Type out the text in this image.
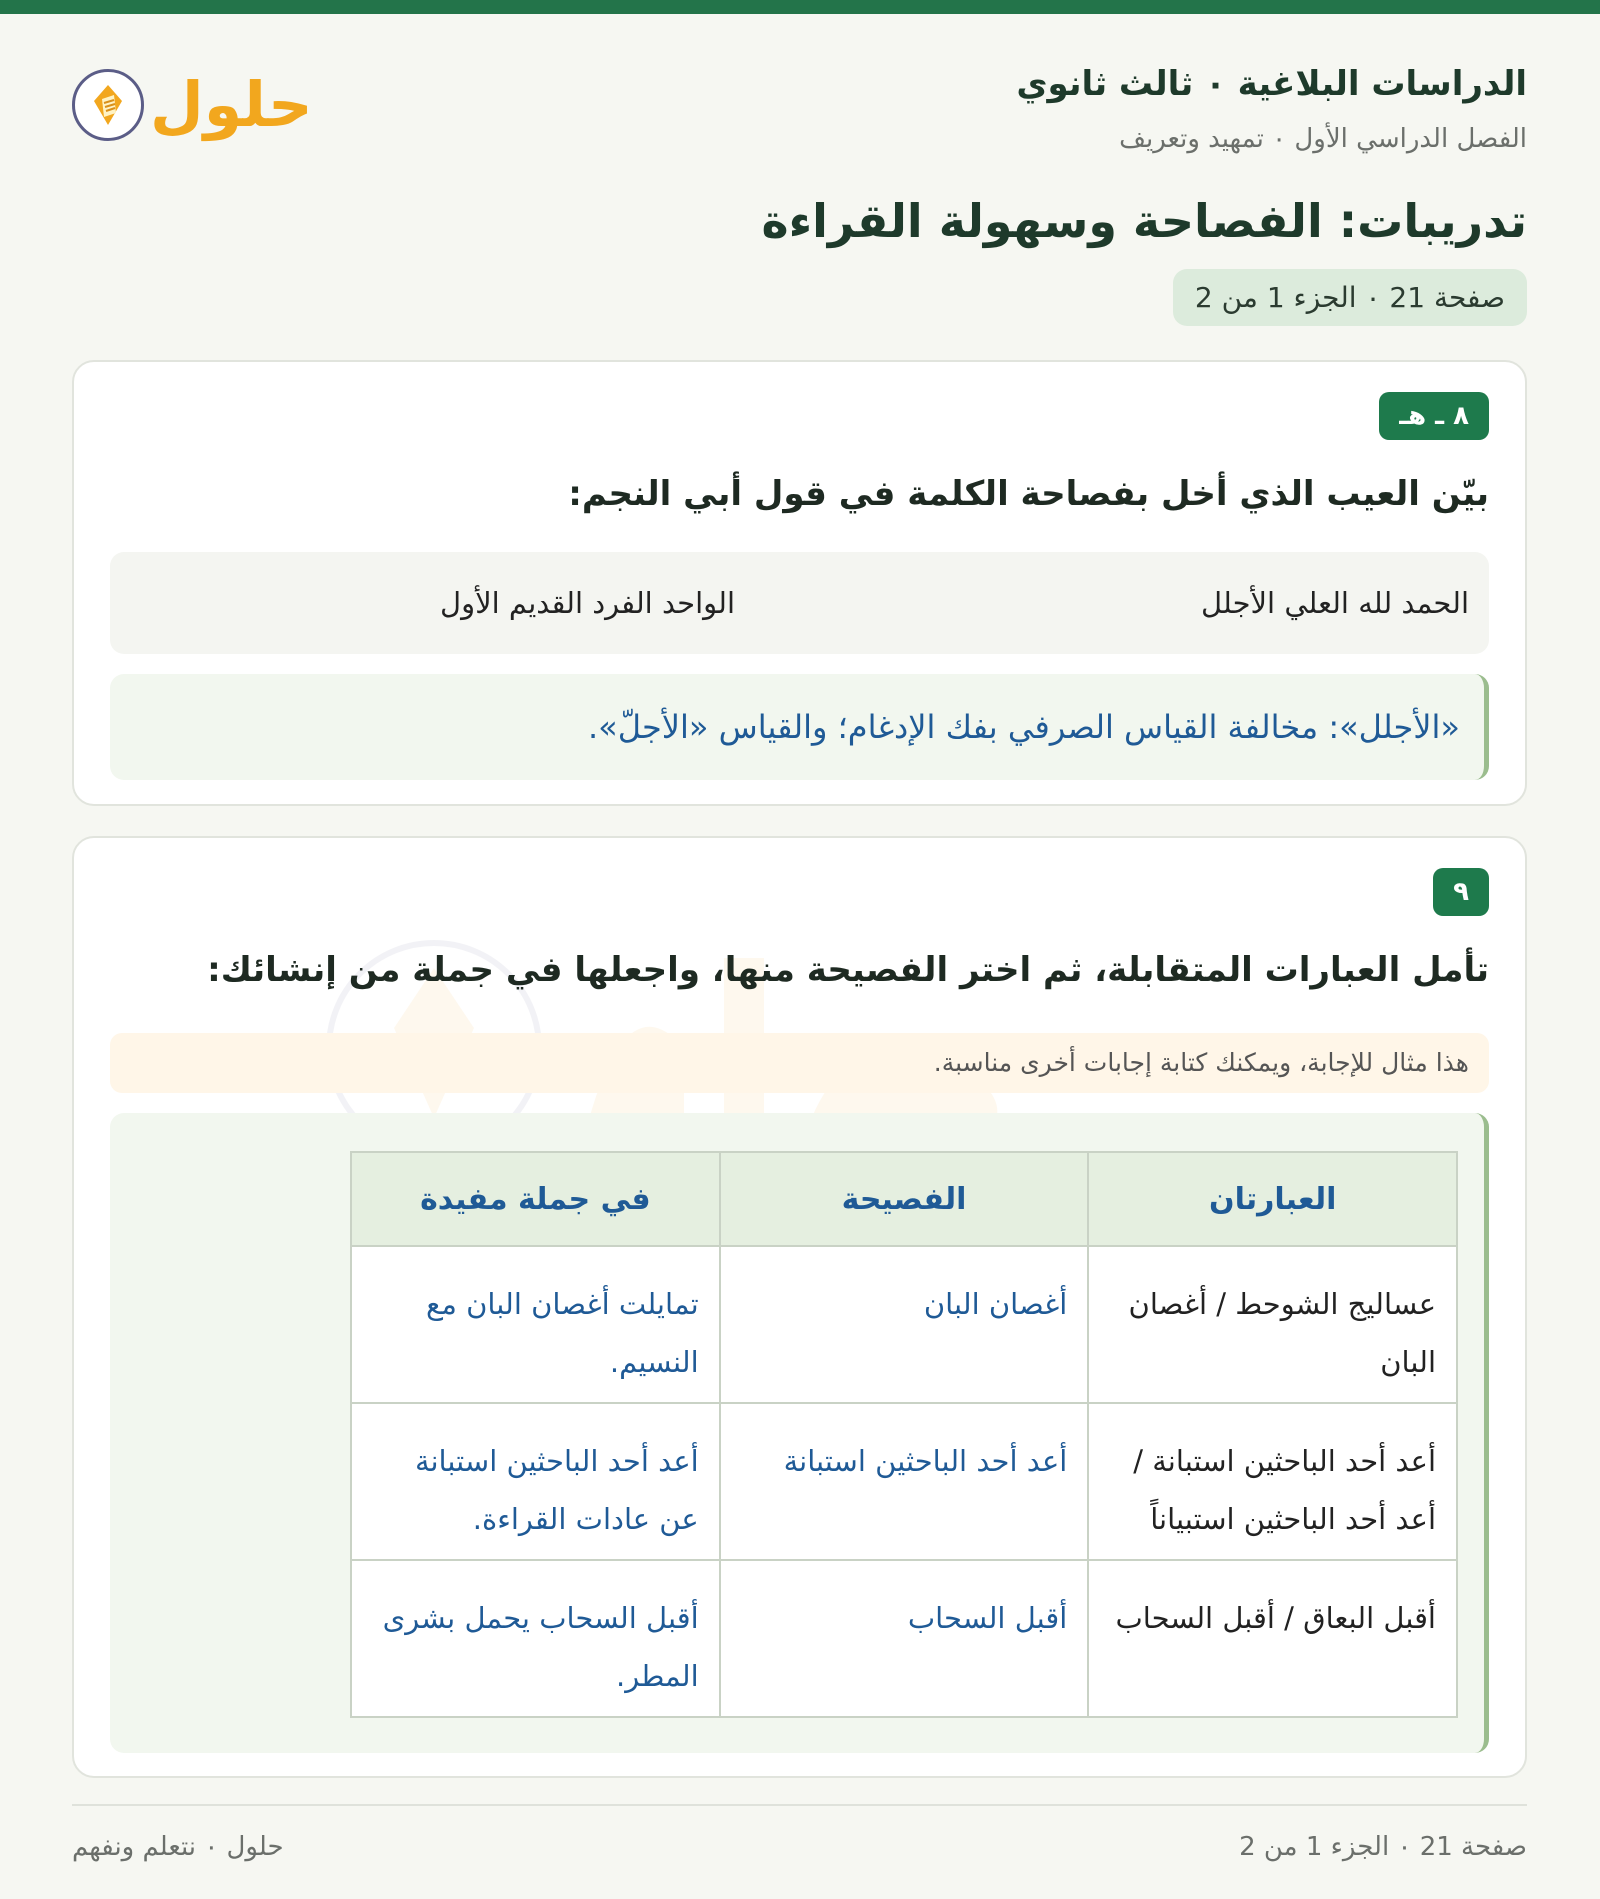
الدراسات البلاغية ٠ ثالث ثانوي
الفصل الدراسي الأول ٠ تمهيد وتعريف
حلول
تدريبات: الفصاحة وسهولة القراءة
صفحة 21 ٠ الجزء 1 من 2
٨ ـ هـ
بيّن العيب الذي أخل بفصاحة الكلمة في قول أبي النجم:
الحمد لله العلي الأجلل
الواحد الفرد القديم الأول
«الأجلل»: مخالفة القياس الصرفي بفك الإدغام؛ والقياس «الأجلّ».
٩
تأمل العبارات المتقابلة، ثم اختر الفصيحة منها، واجعلها في جملة من إنشائك:
هذا مثال للإجابة، ويمكنك كتابة إجابات أخرى مناسبة.
العبارتان	الفصيحة	في جملة مفيدة
عساليج الشوحط / أغصان البان	أغصان البان	تمايلت أغصان البان مع النسيم.
أعد أحد الباحثين استبانة / أعد أحد الباحثين استبياناً	أعد أحد الباحثين استبانة	أعد أحد الباحثين استبانة عن عادات القراءة.
أقبل البعاق / أقبل السحاب	أقبل السحاب	أقبل السحاب يحمل بشرى المطر.
صفحة 21 ٠ الجزء 1 من 2
حلول ٠ نتعلم ونفهم
